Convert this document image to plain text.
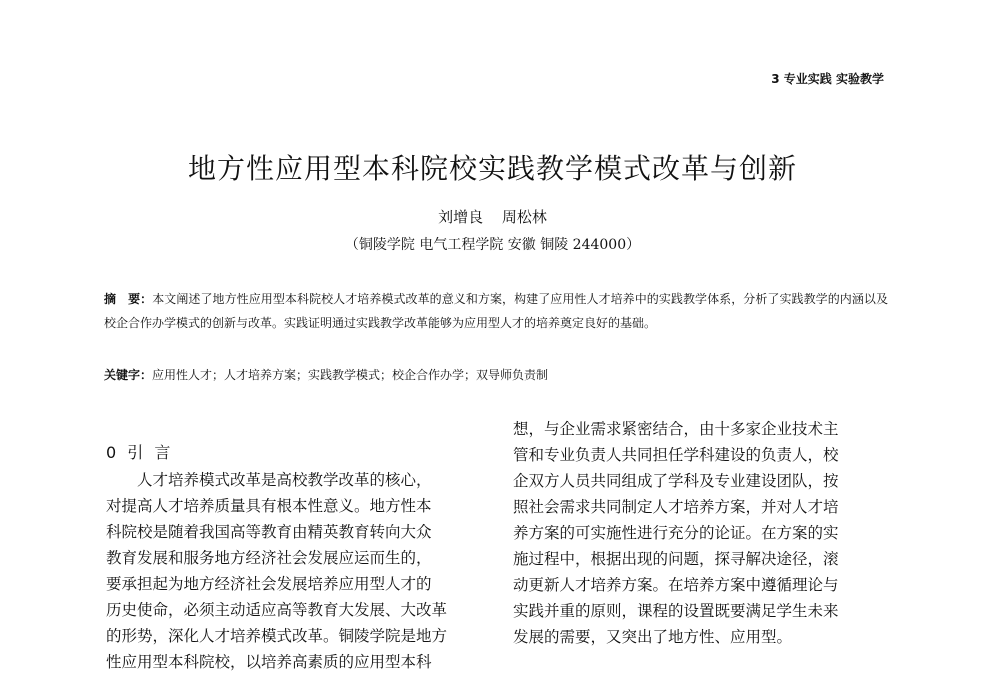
3 专业实践 实验教学
地方性应用型本科院校实践教学模式改革与创新
刘增良 周松林
（铜陵学院 电气工程学院 安徽 铜陵 244000）
摘　要：本文阐述了地方性应用型本科院校人才培养模式改革的意义和方案，构建了应用性人才培养中的实践教学体系，分析了实践教学的内涵以及校企合作办学模式的创新与改革。实践证明通过实践教学改革能够为应用型人才的培养奠定良好的基础。
关键字：应用性人才；人才培养方案；实践教学模式；校企合作办学；双导师负责制
0 引 言
　　人才培养模式改革是高校教学改革的核心，
对提高人才培养质量具有根本性意义。地方性本
科院校是随着我国高等教育由精英教育转向大众
教育发展和服务地方经济社会发展应运而生的，
要承担起为地方经济社会发展培养应用型人才的
历史使命，必须主动适应高等教育大发展、大改革
的形势，深化人才培养模式改革。铜陵学院是地方
性应用型本科院校，以培养高素质的应用型本科
想，与企业需求紧密结合，由十多家企业技术主
管和专业负责人共同担任学科建设的负责人，校
企双方人员共同组成了学科及专业建设团队，按
照社会需求共同制定人才培养方案，并对人才培
养方案的可实施性进行充分的论证。在方案的实
施过程中，根据出现的问题，探寻解决途径，滚
动更新人才培养方案。在培养方案中遵循理论与
实践并重的原则，课程的设置既要满足学生未来
发展的需要，又突出了地方性、应用型。
